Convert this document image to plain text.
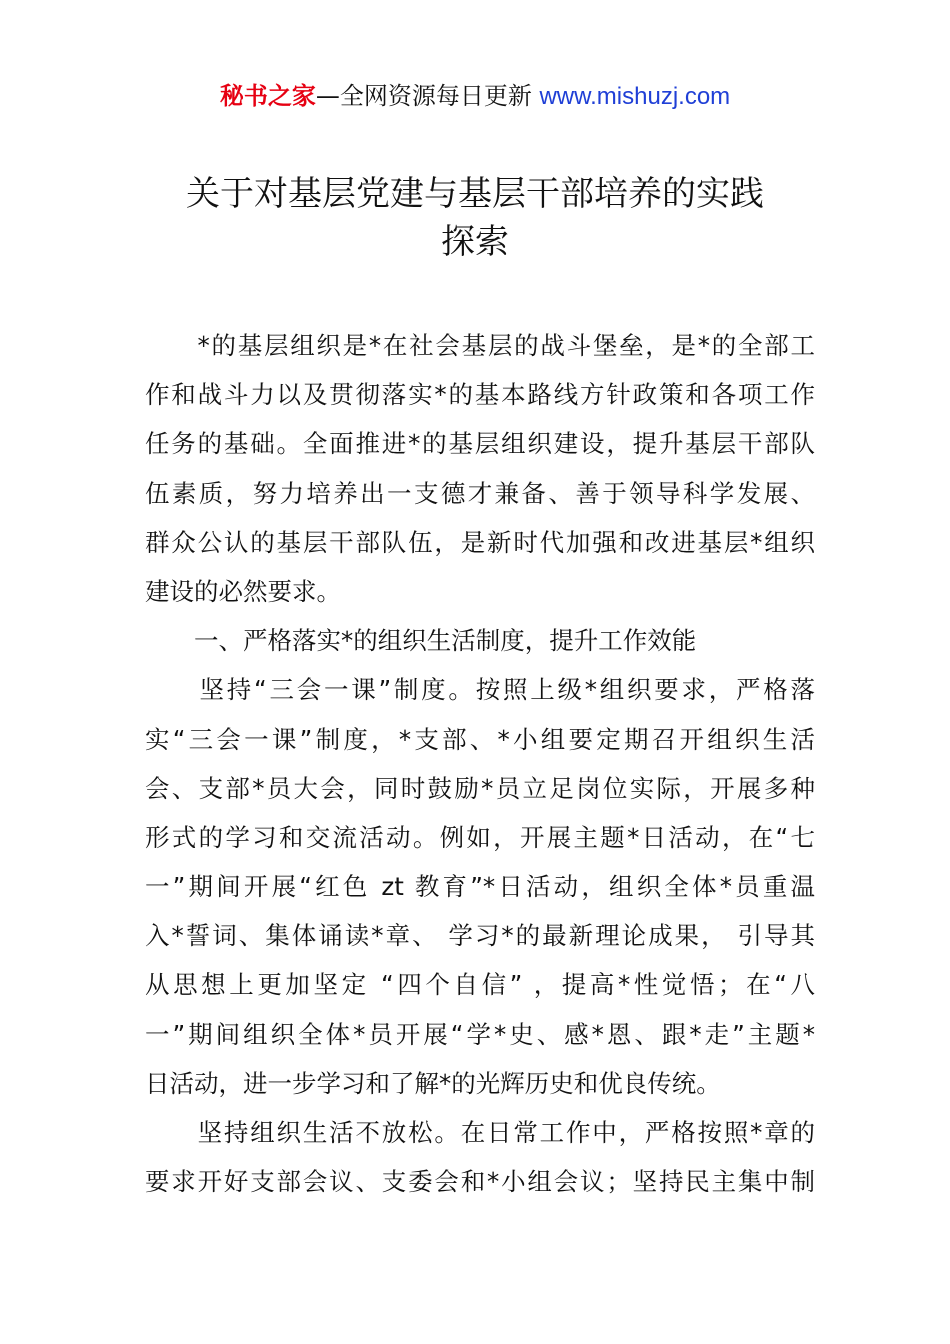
秘书之家—全网资源每日更新 www.mishuzj.com
关于对基层党建与基层干部培养的实践
探索
　　*的基层组织是*在社会基层的战斗堡垒，是*的全部工
作和战斗力以及贯彻落实*的基本路线方针政策和各项工作
任务的基础。全面推进*的基层组织建设，提升基层干部队
伍素质，努力培养出一支德才兼备、善于领导科学发展、
群众公认的基层干部队伍，是新时代加强和改进基层*组织
建设的必然要求。
　　一、严格落实*的组织生活制度，提升工作效能
　　坚持“三会一课”制度。按照上级*组织要求，严格落
实“三会一课”制度，*支部、*小组要定期召开组织生活
会、支部*员大会，同时鼓励*员立足岗位实际，开展多种
形式的学习和交流活动。例如，开展主题*日活动，在“七
一”期间开展“红色 zt 教育”*日活动，组织全体*员重温
入*誓词、集体诵读*章、 学习*的最新理论成果， 引导其
从思想上更加坚定 “四个自信” ，提高*性觉悟；在“八
一”期间组织全体*员开展“学*史、感*恩、跟*走”主题*
日活动，进一步学习和了解*的光辉历史和优良传统。
　　坚持组织生活不放松。在日常工作中，严格按照*章的
要求开好支部会议、支委会和*小组会议；坚持民主集中制
